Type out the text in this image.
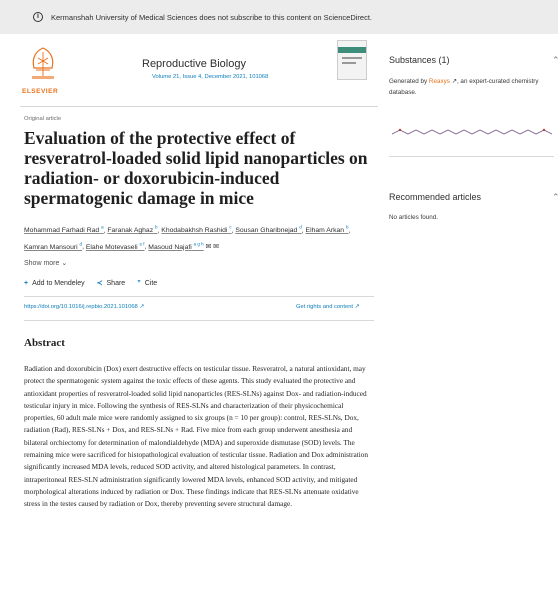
i	Kermanshah University of Medical Sciences does not subscribe to this content on ScienceDirect.
ELSEVIER
Reproductive Biology
Volume 21, Issue 4, December 2021, 101068
Original article
Evaluation of the protective effect of resveratrol-loaded solid lipid nanoparticles on radiation- or doxorubicin-induced spermatogenic damage in mice
Mohammad Farhadi Rad $^a$, Faranak Aghaz $^b$, Khodabakhsh Rashidi $^c$, Sousan Gharibnejad $^d$, Elham Arkan $^b$, Kamran Mansouri $^d$, Elahe Motevaseli $^{e f}$, Masoud Najafi $^{a g h}$ ✉ ✉
Show more ⌄
+ Add to Mendeley ≺ Share ” Cite
https://doi.org/10.1016/j.repbio.2021.101068 ↗	Get rights and content ↗
Abstract

Radiation and doxorubicin (Dox) exert destructive effects on testicular tissue. Resveratrol, a natural antioxidant, may protect the spermatogenic system against the toxic effects of these agents. This study evaluated the protective and antioxidant properties of resveratrol-loaded solid lipid nanoparticles (RES-SLNs) against Dox- and radiation-induced testicular injury in mice. Following the synthesis of RES-SLNs and characterization of their physicochemical properties, 60 adult male mice were randomly assigned to six groups (n = 10 per group): control, RES-SLNs, Dox, radiation (Rad), RES-SLNs + Dox, and RES-SLNs + Rad. Five mice from each group underwent anesthesia and bilateral orchiectomy for determination of malondialdehyde (MDA) and superoxide dismutase (SOD) levels. The remaining mice were sacrificed for histopathological evaluation of testicular tissue. Radiation and Dox administration significantly increased MDA levels, reduced SOD activity, and altered histological parameters. In contrast, intraperitoneal RES-SLN administration significantly lowered MDA levels, enhanced SOD activity, and mitigated morphological alterations induced by radiation or Dox. These findings indicate that RES-SLNs attenuate oxidative stress in the testes caused by radiation or Dox, thereby preventing severe structural damage.

Substances (1)	⌃
Generated by Reaxys ↗, an expert-curated chemistry database.
Recommended articles	⌃
No articles found.
